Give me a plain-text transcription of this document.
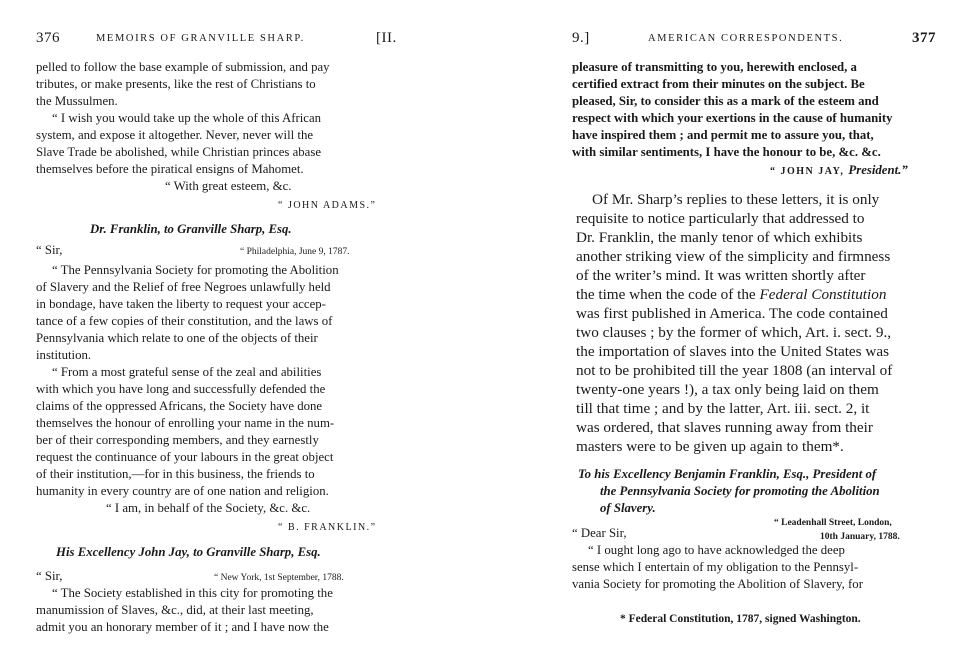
376	MEMOIRS OF GRANVILLE SHARP.	[II.

pelled to follow the base example of submission, and pay

tributes, or make presents, like the rest of Christians to

the Mussulmen.

“ I wish you would take up the whole of this African

system, and expose it altogether. Never, never will the

Slave Trade be abolished, while Christian princes abase

themselves before the piratical ensigns of Mahomet.

“ With great esteem, &c.

“ JOHN ADAMS.”

Dr. Franklin, to Granville Sharp, Esq.

“ Sir,	“ Philadelphia, June 9, 1787.

“ The Pennsylvania Society for promoting the Abolition

of Slavery and the Relief of free Negroes unlawfully held

in bondage, have taken the liberty to request your accep-

tance of a few copies of their constitution, and the laws of

Pennsylvania which relate to one of the objects of their

institution.

“ From a most grateful sense of the zeal and abilities

with which you have long and successfully defended the

claims of the oppressed Africans, the Society have done

themselves the honour of enrolling your name in the num-

ber of their corresponding members, and they earnestly

request the continuance of your labours in the great object

of their institution,—for in this business, the friends to

humanity in every country are of one nation and religion.

“ I am, in behalf of the Society, &c. &c.

“ B. FRANKLIN.”

His Excellency John Jay, to Granville Sharp, Esq.

“ Sir,	“ New York, 1st September, 1788.

“ The Society established in this city for promoting the

manumission of Slaves, &c., did, at their last meeting,

admit you an honorary member of it ; and I have now the

9.]	AMERICAN CORRESPONDENTS.	377

pleasure of transmitting to you, herewith enclosed, a

certified extract from their minutes on the subject. Be

pleased, Sir, to consider this as a mark of the esteem and

respect with which your exertions in the cause of humanity

have inspired them ; and permit me to assure you, that,

with similar sentiments, I have the honour to be, &c. &c.

“ JOHN JAY, President.”

Of Mr. Sharp’s replies to these letters, it is only

requisite to notice particularly that addressed to

Dr. Franklin, the manly tenor of which exhibits

another striking view of the simplicity and firmness

of the writer’s mind. It was written shortly after

the time when the code of the Federal Constitution

was first published in America. The code contained

two clauses ; by the former of which, Art. i. sect. 9.,

the importation of slaves into the United States was

not to be prohibited till the year 1808 (an interval of

twenty-one years !), a tax only being laid on them

till that time ; and by the latter, Art. iii. sect. 2, it

was ordered, that slaves running away from their

masters were to be given up again to them*.

To his Excellency Benjamin Franklin, Esq., President of

the Pennsylvania Society for promoting the Abolition

of Slavery.

“ Leadenhall Street, London,

10th January, 1788.

“ Dear Sir,

“ I ought long ago to have acknowledged the deep

sense which I entertain of my obligation to the Pennsyl-

vania Society for promoting the Abolition of Slavery, for

* Federal Constitution, 1787, signed Washington.
